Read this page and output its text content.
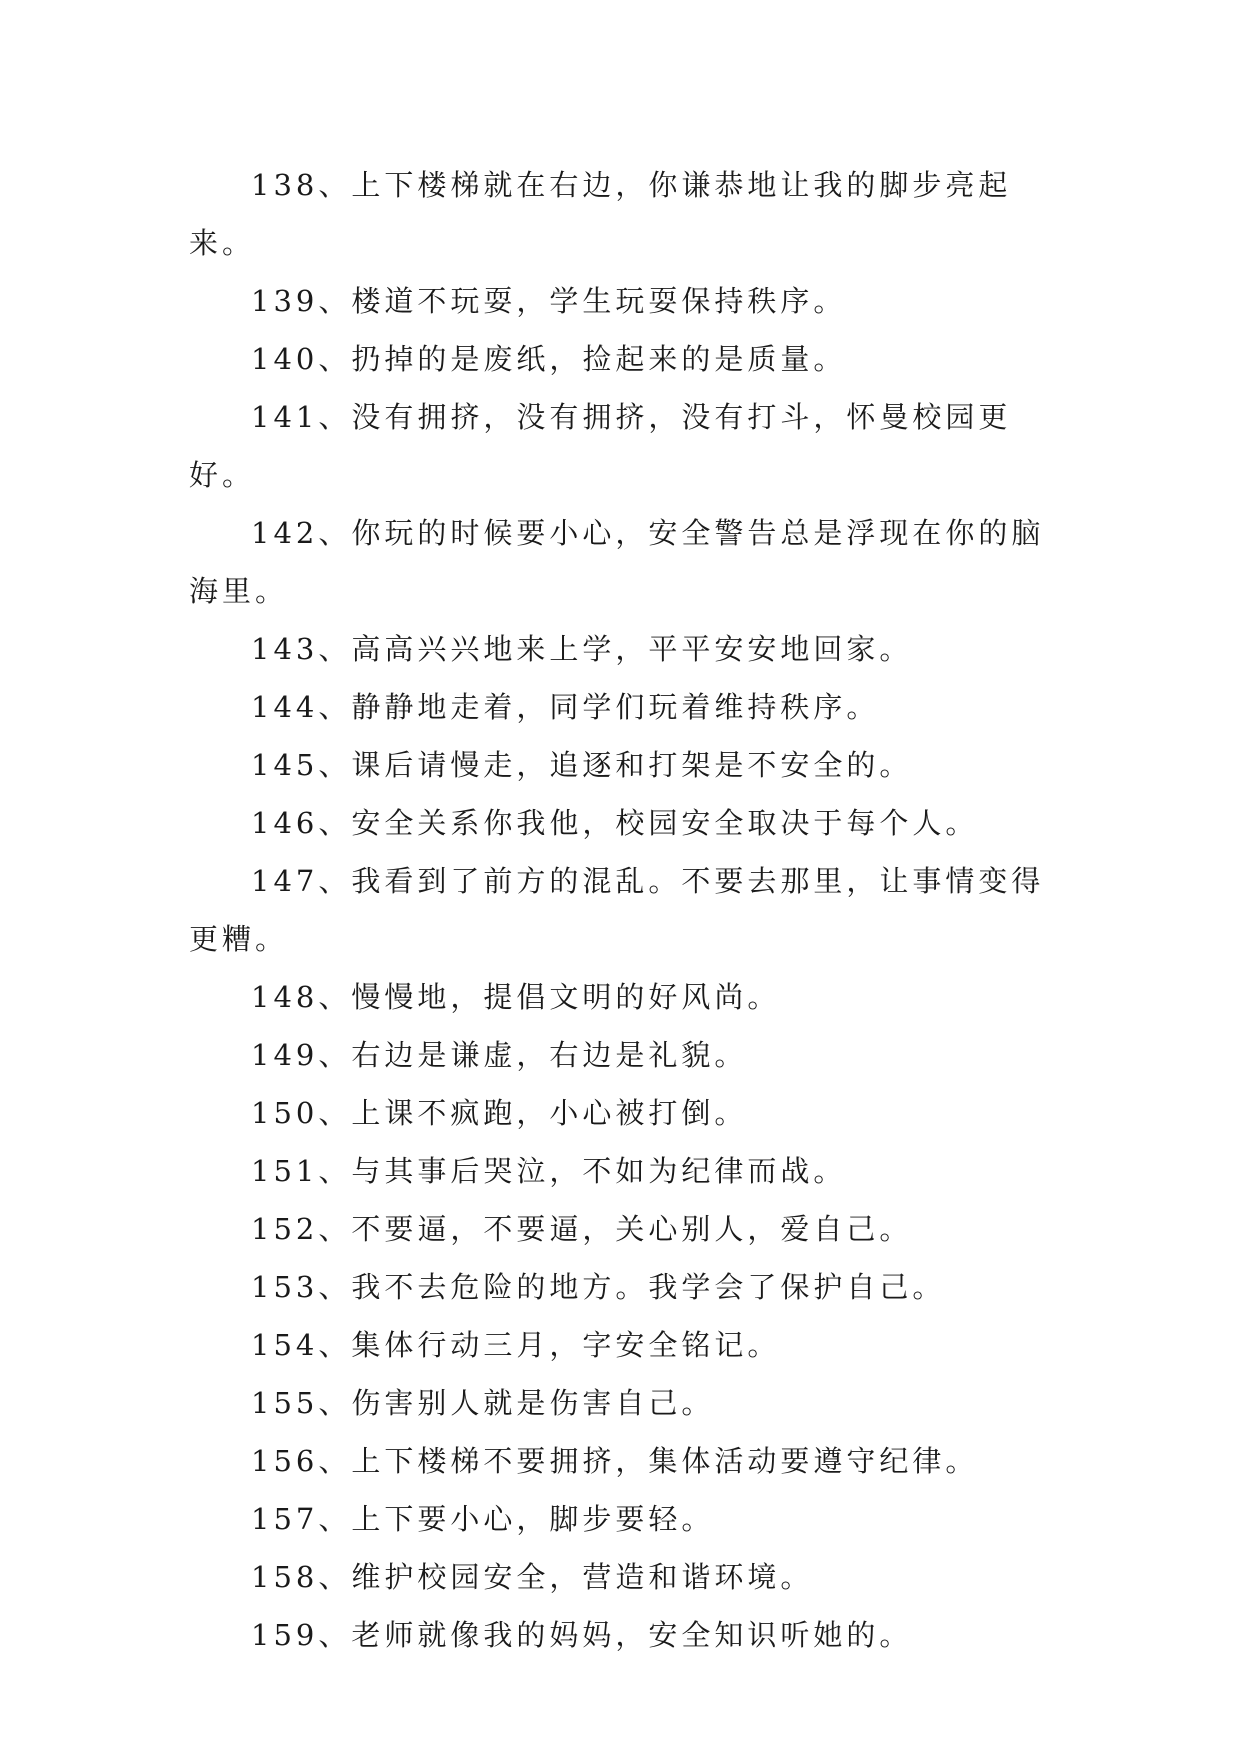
138、上下楼梯就在右边，你谦恭地让我的脚步亮起来。

139、楼道不玩耍，学生玩耍保持秩序。

140、扔掉的是废纸，捡起来的是质量。

141、没有拥挤，没有拥挤，没有打斗，怀曼校园更好。

142、你玩的时候要小心，安全警告总是浮现在你的脑海里。

143、高高兴兴地来上学，平平安安地回家。

144、静静地走着，同学们玩着维持秩序。

145、课后请慢走，追逐和打架是不安全的。

146、安全关系你我他，校园安全取决于每个人。

147、我看到了前方的混乱。不要去那里，让事情变得更糟。

148、慢慢地，提倡文明的好风尚。

149、右边是谦虚，右边是礼貌。

150、上课不疯跑，小心被打倒。

151、与其事后哭泣，不如为纪律而战。

152、不要逼，不要逼，关心别人，爱自己。

153、我不去危险的地方。我学会了保护自己。

154、集体行动三月，字安全铭记。

155、伤害别人就是伤害自己。

156、上下楼梯不要拥挤，集体活动要遵守纪律。

157、上下要小心，脚步要轻。

158、维护校园安全，营造和谐环境。

159、老师就像我的妈妈，安全知识听她的。
